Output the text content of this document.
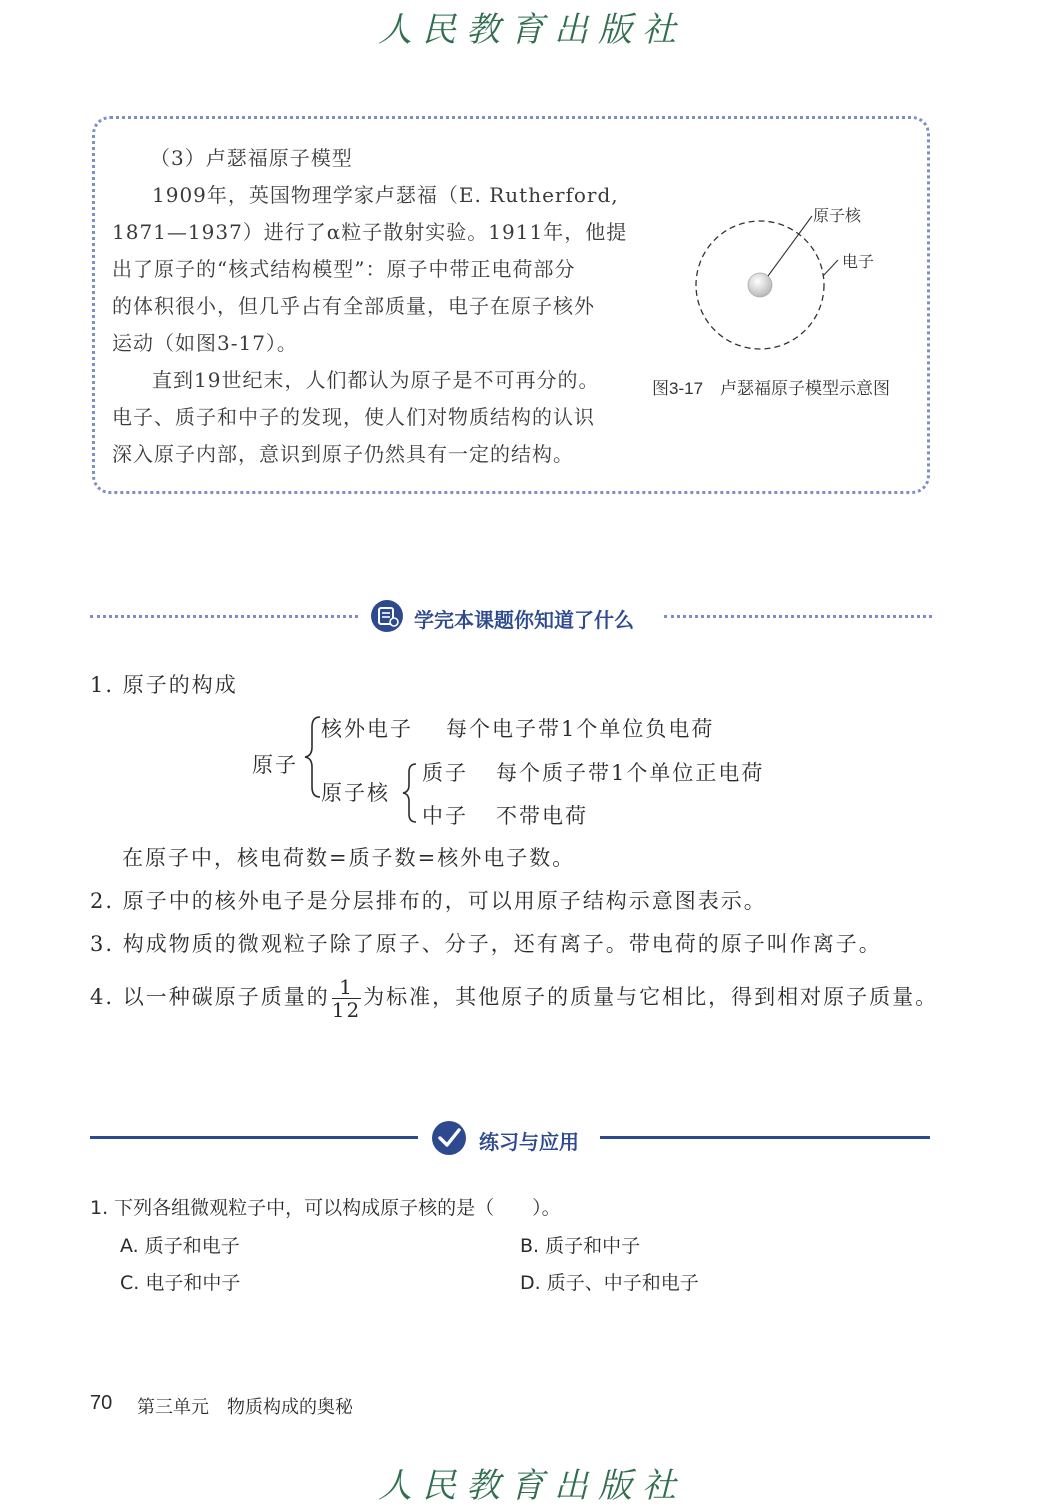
人民教育出版社
（3）卢瑟福原子模型
1909年，英国物理学家卢瑟福（E. Rutherford,
1871—1937）进行了α粒子散射实验。1911年，他提
出了原子的“核式结构模型”：原子中带正电荷部分
的体积很小，但几乎占有全部质量，电子在原子核外
运动（如图3-17）。
直到19世纪末，人们都认为原子是不可再分的。
电子、质子和中子的发现，使人们对物质结构的认识
深入原子内部，意识到原子仍然具有一定的结构。
原子核
电子
图3-17　卢瑟福原子模型示意图
学完本课题你知道了什么
1. 原子的构成
原子
核外电子 每个电子带1个单位负电荷
原子核
质子 每个质子带1个单位正电荷
中子 不带电荷
在原子中，核电荷数=质子数=核外电子数。
2. 原子中的核外电子是分层排布的，可以用原子结构示意图表示。
3. 构成物质的微观粒子除了原子、分子，还有离子。带电荷的原子叫作离子。
4. 以一种碳原子质量的 $\frac{1}{12}$ 为标准，其他原子的质量与它相比，得到相对原子质量。
练习与应用
1. 下列各组微观粒子中，可以构成原子核的是（　　）。
A. 质子和电子	B. 质子和中子
C. 电子和中子	D. 质子、中子和电子
70 第三单元　物质构成的奥秘
人民教育出版社
